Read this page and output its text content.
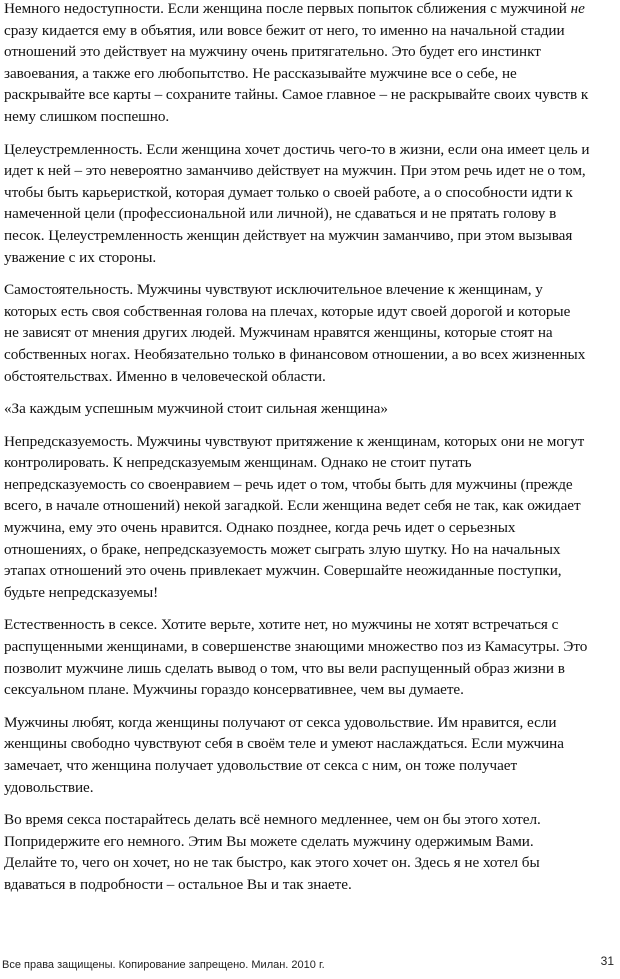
Немного недоступности. Если женщина после первых попыток сближения с мужчиной не
сразу кидается ему в объятия, или вовсе бежит от него, то именно на начальной стадии
отношений это действует на мужчину очень притягательно. Это будет его инстинкт
завоевания, а также его любопытство. Не рассказывайте мужчине все о себе, не
раскрывайте все карты – сохраните тайны. Самое главное – не раскрывайте своих чувств к
нему слишком поспешно.

Целеустремленность. Если женщина хочет достичь чего-то в жизни, если она имеет цель и
идет к ней – это невероятно заманчиво действует на мужчин. При этом речь идет не о том,
чтобы быть карьеристкой, которая думает только о своей работе, а о способности идти к
намеченной цели (профессиональной или личной), не сдаваться и не прятать голову в
песок. Целеустремленность женщин действует на мужчин заманчиво, при этом вызывая
уважение с их стороны.

Самостоятельность. Мужчины чувствуют исключительное влечение к женщинам, у
которых есть своя собственная голова на плечах, которые идут своей дорогой и которые
не зависят от мнения других людей. Мужчинам нравятся женщины, которые стоят на
собственных ногах. Необязательно только в финансовом отношении, а во всех жизненных
обстоятельствах. Именно в человеческой области.

«За каждым успешным мужчиной стоит сильная женщина»

Непредсказуемость. Мужчины чувствуют притяжение к женщинам, которых они не могут
контролировать. К непредсказуемым женщинам. Однако не стоит путать
непредсказуемость со своенравием – речь идет о том, чтобы быть для мужчины (прежде
всего, в начале отношений) некой загадкой. Если женщина ведет себя не так, как ожидает
мужчина, ему это очень нравится. Однако позднее, когда речь идет о серьезных
отношениях, о браке, непредсказуемость может сыграть злую шутку. Но на начальных
этапах отношений это очень привлекает мужчин. Совершайте неожиданные поступки,
будьте непредсказуемы!

Естественность в сексе. Хотите верьте, хотите нет, но мужчины не хотят встречаться с
распущенными женщинами, в совершенстве знающими множество поз из Камасутры. Это
позволит мужчине лишь сделать вывод о том, что вы вели распущенный образ жизни в
сексуальном плане. Мужчины гораздо консервативнее, чем вы думаете.

Мужчины любят, когда женщины получают от секса удовольствие. Им нравится, если
женщины свободно чувствуют себя в своём теле и умеют наслаждаться. Если мужчина
замечает, что женщина получает удовольствие от секса с ним, он тоже получает
удовольствие.

Во время секса постарайтесь делать всё немного медленнее, чем он бы этого хотел.
Попридержите его немного. Этим Вы можете сделать мужчину одержимым Вами.
Делайте то, чего он хочет, но не так быстро, как этого хочет он. Здесь я не хотел бы
вдаваться в подробности – остальное Вы и так знаете.

Все права защищены. Копирование запрещено. Милан. 2010 г.	31
